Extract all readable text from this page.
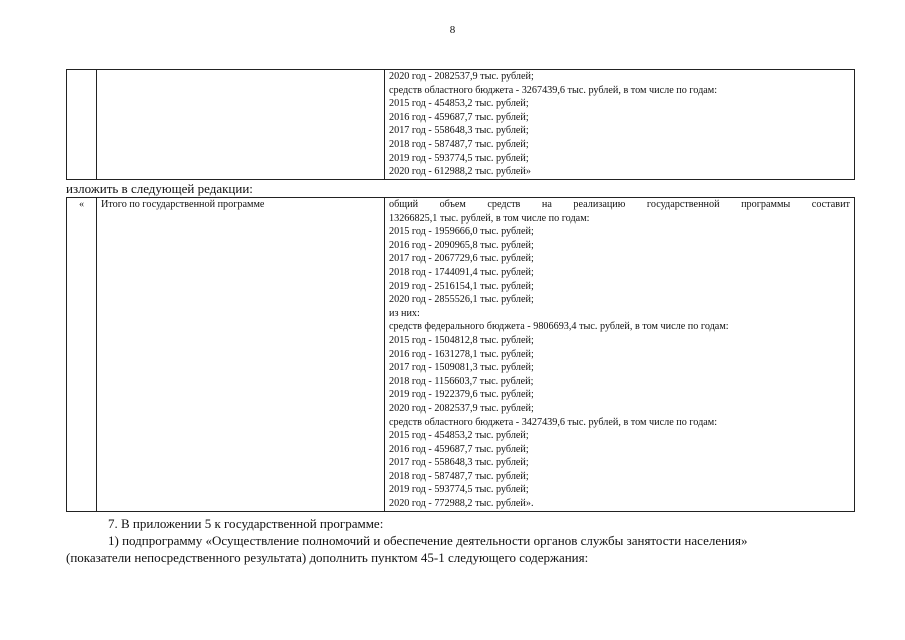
8

2020 год - 2082537,9 тыс. рублей;
средств областного бюджета - 3267439,6 тыс. рублей, в том числе по годам:
2015 год - 454853,2 тыс. рублей;
2016 год - 459687,7 тыс. рублей;
2017 год - 558648,3 тыс. рублей;
2018 год - 587487,7 тыс. рублей;
2019 год - 593774,5 тыс. рублей;
2020 год - 612988,2 тыс. рублей»
изложить в следующей редакции:
«	Итого по государственной программе	общий объем средств на реализацию государственной программы составит
13266825,1 тыс. рублей, в том числе по годам:
2015 год - 1959666,0 тыс. рублей;
2016 год - 2090965,8 тыс. рублей;
2017 год - 2067729,6 тыс. рублей;
2018 год - 1744091,4 тыс. рублей;
2019 год - 2516154,1 тыс. рублей;
2020 год - 2855526,1 тыс. рублей;
из них:
средств федерального бюджета - 9806693,4 тыс. рублей, в том числе по годам:
2015 год - 1504812,8 тыс. рублей;
2016 год - 1631278,1 тыс. рублей;
2017 год - 1509081,3 тыс. рублей;
2018 год - 1156603,7 тыс. рублей;
2019 год - 1922379,6 тыс. рублей;
2020 год - 2082537,9 тыс. рублей;
средств областного бюджета - 3427439,6 тыс. рублей, в том числе по годам:
2015 год - 454853,2 тыс. рублей;
2016 год - 459687,7 тыс. рублей;
2017 год - 558648,3 тыс. рублей;
2018 год - 587487,7 тыс. рублей;
2019 год - 593774,5 тыс. рублей;
2020 год - 772988,2 тыс. рублей».
7. В приложении 5 к государственной программе:
1) подпрограмму «Осуществление полномочий и обеспечение деятельности органов службы занятости населения»
(показатели непосредственного результата) дополнить пунктом 45-1 следующего содержания:
